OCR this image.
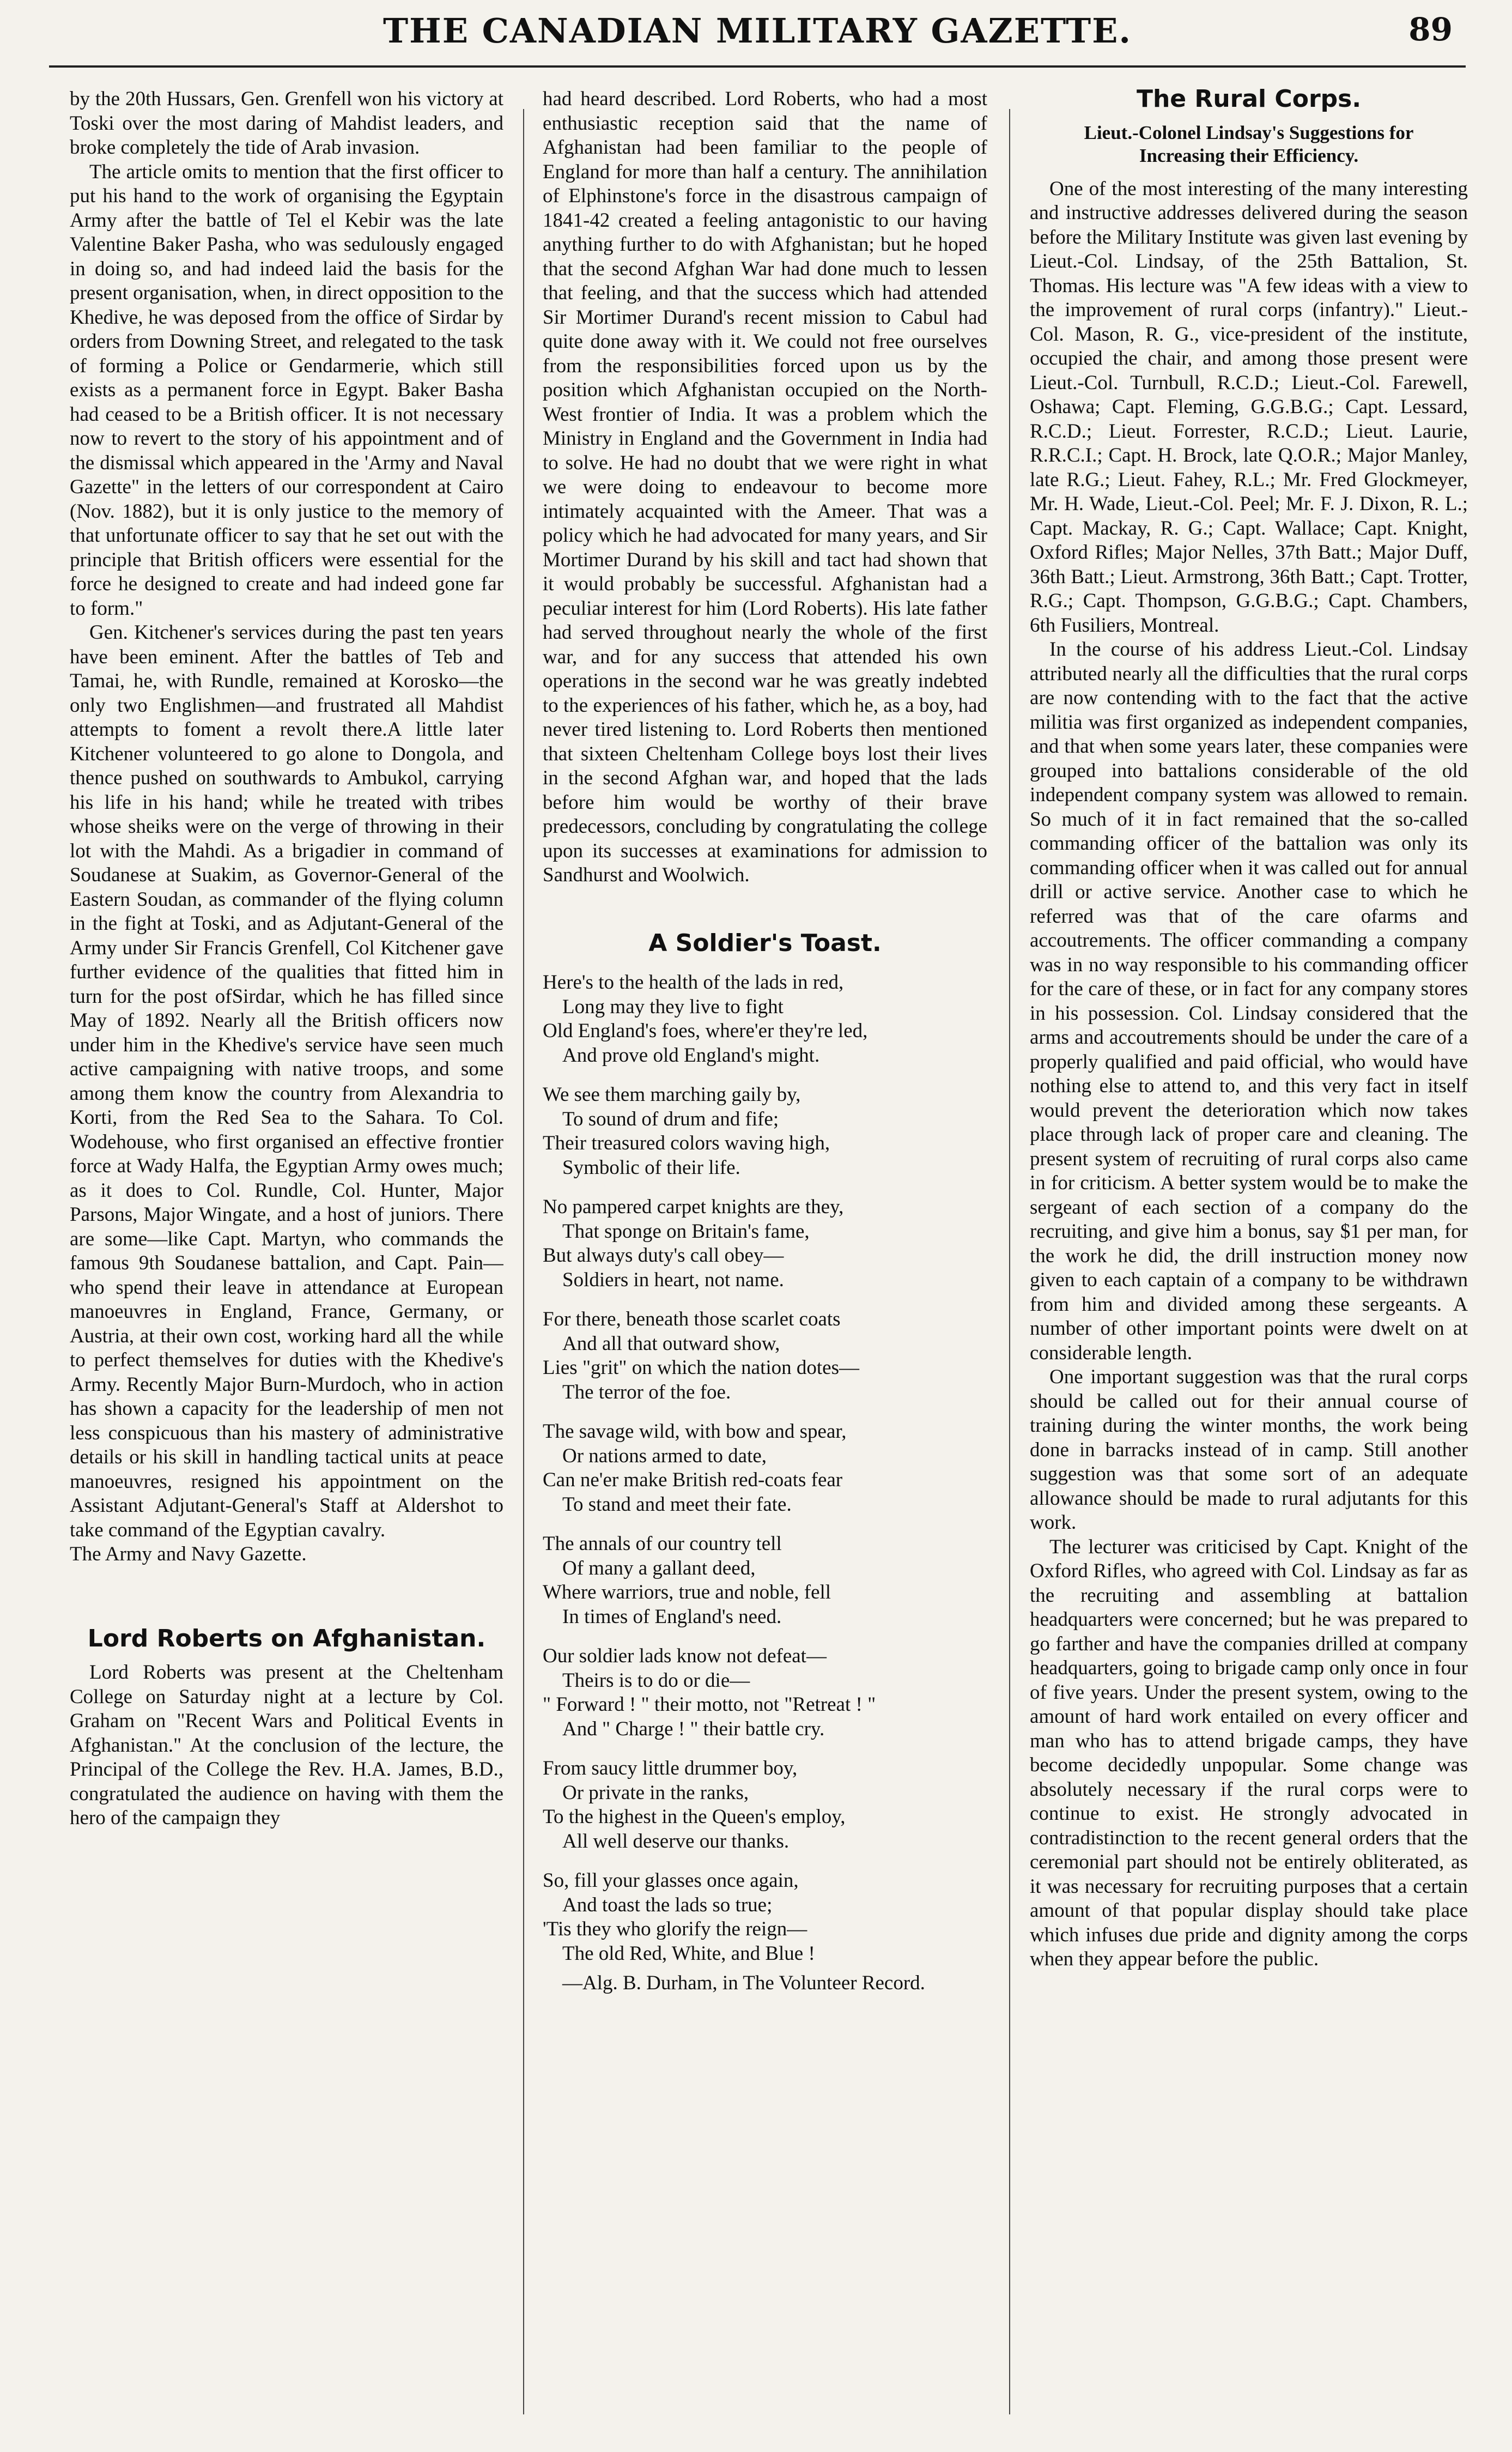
THE CANADIAN MILITARY GAZETTE.	89

by the 20th Hussars, Gen. Grenfell won his victory at Toski over the most daring of Mahdist leaders, and broke completely the tide of Arab invasion.

The article omits to mention that the first officer to put his hand to the work of organising the Egyptain Army after the battle of Tel el Kebir was the late Valentine Baker Pasha, who was sedulously engaged in doing so, and had indeed laid the basis for the present organisation, when, in direct opposition to the Khedive, he was deposed from the office of Sirdar by orders from Downing Street, and relegated to the task of forming a Police or Gendarmerie, which still exists as a permanent force in Egypt. Baker Basha had ceased to be a British officer. It is not necessary now to revert to the story of his appointment and of the dismissal which appeared in the 'Army and Naval Gazette" in the letters of our correspondent at Cairo (Nov. 1882), but it is only justice to the memory of that unfortunate officer to say that he set out with the principle that British officers were essential for the force he designed to create and had indeed gone far to form."

Gen. Kitchener's services during the past ten years have been eminent. After the battles of Teb and Tamai, he, with Rundle, remained at Korosko—the only two Englishmen—and frustrated all Mahdist attempts to foment a revolt there.A little later Kitchener volunteered to go alone to Dongola, and thence pushed on southwards to Ambukol, carrying his life in his hand; while he treated with tribes whose sheiks were on the verge of throwing in their lot with the Mahdi. As a brigadier in command of Soudanese at Suakim, as Governor-General of the Eastern Soudan, as commander of the flying column in the fight at Toski, and as Adjutant-General of the Army under Sir Francis Grenfell, Col Kitchener gave further evidence of the qualities that fitted him in turn for the post ofSirdar, which he has filled since May of 1892. Nearly all the British officers now under him in the Khedive's service have seen much active campaigning with native troops, and some among them know the country from Alexandria to Korti, from the Red Sea to the Sahara. To Col. Wodehouse, who first organised an effective frontier force at Wady Halfa, the Egyptian Army owes much; as it does to Col. Rundle, Col. Hunter, Major Parsons, Major Wingate, and a host of juniors. There are some—like Capt. Martyn, who commands the famous 9th Soudanese battalion, and Capt. Pain—who spend their leave in attendance at European manoeuvres in England, France, Germany, or Austria, at their own cost, working hard all the while to perfect themselves for duties with the Khedive's Army. Recently Major Burn-Murdoch, who in action has shown a capacity for the leadership of men not less conspicuous than his mastery of administrative details or his skill in handling tactical units at peace manoeuvres, resigned his appointment on the Assistant Adjutant-General's Staff at Aldershot to take command of the Egyptian cavalry.

The Army and Navy Gazette.

Lord Roberts on Afghanistan.

Lord Roberts was present at the Cheltenham College on Saturday night at a lecture by Col. Graham on "Recent Wars and Political Events in Afghanistan." At the conclusion of the lecture, the Principal of the College the Rev. H.A. James, B.D., congratulated the audience on having with them the hero of the campaign they

had heard described. Lord Roberts, who had a most enthusiastic reception said that the name of Afghanistan had been familiar to the people of England for more than half a century. The annihilation of Elphinstone's force in the disastrous campaign of 1841-42 created a feeling antagonistic to our having anything further to do with Afghanistan; but he hoped that the second Afghan War had done much to lessen that feeling, and that the success which had attended Sir Mortimer Durand's recent mission to Cabul had quite done away with it. We could not free ourselves from the responsibilities forced upon us by the position which Afghanistan occupied on the North-West frontier of India. It was a problem which the Ministry in England and the Government in India had to solve. He had no doubt that we were right in what we were doing to endeavour to become more intimately acquainted with the Ameer. That was a policy which he had advocated for many years, and Sir Mortimer Durand by his skill and tact had shown that it would probably be successful. Afghanistan had a peculiar interest for him (Lord Roberts). His late father had served throughout nearly the whole of the first war, and for any success that attended his own operations in the second war he was greatly indebted to the experiences of his father, which he, as a boy, had never tired listening to. Lord Roberts then mentioned that sixteen Cheltenham College boys lost their lives in the second Afghan war, and hoped that the lads before him would be worthy of their brave predecessors, concluding by congratulating the college upon its successes at examinations for admission to Sandhurst and Woolwich.

A Soldier's Toast.
Here's to the health of the lads in red,
Long may they live to fight
Old England's foes, where'er they're led,
And prove old England's might.
We see them marching gaily by,
To sound of drum and fife;
Their treasured colors waving high,
Symbolic of their life.
No pampered carpet knights are they,
That sponge on Britain's fame,
But always duty's call obey—
Soldiers in heart, not name.
For there, beneath those scarlet coats
And all that outward show,
Lies "grit" on which the nation dotes—
The terror of the foe.
The savage wild, with bow and spear,
Or nations armed to date,
Can ne'er make British red-coats fear
To stand and meet their fate.
The annals of our country tell
Of many a gallant deed,
Where warriors, true and noble, fell
In times of England's need.
Our soldier lads know not defeat—
Theirs is to do or die—
" Forward ! " their motto, not "Retreat ! "
And " Charge ! " their battle cry.
From saucy little drummer boy,
Or private in the ranks,
To the highest in the Queen's employ,
All well deserve our thanks.
So, fill your glasses once again,
And toast the lads so true;
'Tis they who glorify the reign—
The old Red, White, and Blue !

—Alg. B. Durham, in The Volunteer Record.

The Rural Corps.
Lieut.-Colonel Lindsay's Suggestions for Increasing their Efficiency.

One of the most interesting of the many interesting and instructive addresses delivered during the season before the Military Institute was given last evening by Lieut.-Col. Lindsay, of the 25th Battalion, St. Thomas. His lecture was "A few ideas with a view to the improvement of rural corps (infantry)." Lieut.-Col. Mason, R. G., vice-president of the institute, occupied the chair, and among those present were Lieut.-Col. Turnbull, R.C.D.; Lieut.-Col. Farewell, Oshawa; Capt. Fleming, G.G.B.G.; Capt. Lessard, R.C.D.; Lieut. Forrester, R.C.D.; Lieut. Laurie, R.R.C.I.; Capt. H. Brock, late Q.O.R.; Major Manley, late R.G.; Lieut. Fahey, R.L.; Mr. Fred Glockmeyer, Mr. H. Wade, Lieut.-Col. Peel; Mr. F. J. Dixon, R. L.; Capt. Mackay, R. G.; Capt. Wallace; Capt. Knight, Oxford Rifles; Major Nelles, 37th Batt.; Major Duff, 36th Batt.; Lieut. Armstrong, 36th Batt.; Capt. Trotter, R.G.; Capt. Thompson, G.G.B.G.; Capt. Chambers, 6th Fusiliers, Montreal.

In the course of his address Lieut.-Col. Lindsay attributed nearly all the difficulties that the rural corps are now contending with to the fact that the active militia was first organized as independent companies, and that when some years later, these companies were grouped into battalions considerable of the old independent company system was allowed to remain. So much of it in fact remained that the so-called commanding officer of the battalion was only its commanding officer when it was called out for annual drill or active service. Another case to which he referred was that of the care ofarms and accoutrements. The officer commanding a company was in no way responsible to his commanding officer for the care of these, or in fact for any company stores in his possession. Col. Lindsay considered that the arms and accoutrements should be under the care of a properly qualified and paid official, who would have nothing else to attend to, and this very fact in itself would prevent the deterioration which now takes place through lack of proper care and cleaning. The present system of recruiting of rural corps also came in for criticism. A better system would be to make the sergeant of each section of a company do the recruiting, and give him a bonus, say $1 per man, for the work he did, the drill instruction money now given to each captain of a company to be withdrawn from him and divided among these sergeants. A number of other important points were dwelt on at considerable length.

One important suggestion was that the rural corps should be called out for their annual course of training during the winter months, the work being done in barracks instead of in camp. Still another suggestion was that some sort of an adequate allowance should be made to rural adjutants for this work.

The lecturer was criticised by Capt. Knight of the Oxford Rifles, who agreed with Col. Lindsay as far as the recruiting and assembling at battalion headquarters were concerned; but he was prepared to go farther and have the companies drilled at company headquarters, going to brigade camp only once in four of five years. Under the present system, owing to the amount of hard work entailed on every officer and man who has to attend brigade camps, they have become decidedly unpopular. Some change was absolutely necessary if the rural corps were to continue to exist. He strongly advocated in contradistinction to the recent general orders that the ceremonial part should not be entirely obliterated, as it was necessary for recruiting purposes that a certain amount of that popular display should take place which infuses due pride and dignity among the corps when they appear before the public.
